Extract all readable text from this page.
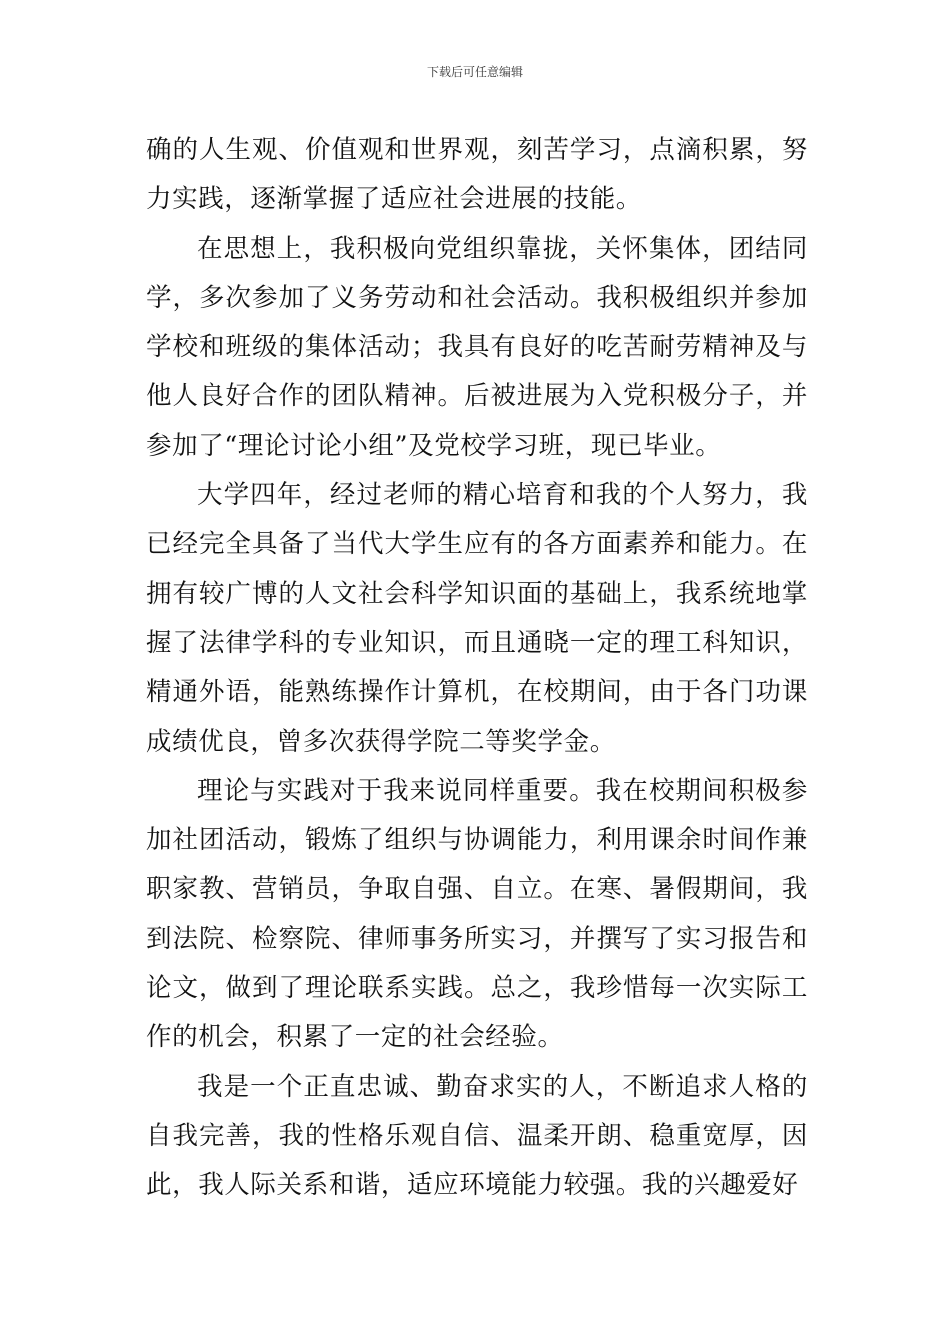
下载后可任意编辑

确的人生观、价值观和世界观，刻苦学习，点滴积累，努力实践，逐渐掌握了适应社会进展的技能。

在思想上，我积极向党组织靠拢，关怀集体，团结同学，多次参加了义务劳动和社会活动。我积极组织并参加学校和班级的集体活动；我具有良好的吃苦耐劳精神及与他人良好合作的团队精神。后被进展为入党积极分子，并参加了“理论讨论小组”及党校学习班，现已毕业。

大学四年，经过老师的精心培育和我的个人努力，我已经完全具备了当代大学生应有的各方面素养和能力。在拥有较广博的人文社会科学知识面的基础上，我系统地掌握了法律学科的专业知识，而且通晓一定的理工科知识，精通外语，能熟练操作计算机，在校期间，由于各门功课成绩优良，曾多次获得学院二等奖学金。

理论与实践对于我来说同样重要。我在校期间积极参加社团活动，锻炼了组织与协调能力，利用课余时间作兼职家教、营销员，争取自强、自立。在寒、暑假期间，我到法院、检察院、律师事务所实习，并撰写了实习报告和论文，做到了理论联系实践。总之，我珍惜每一次实际工作的机会，积累了一定的社会经验。

我是一个正直忠诚、勤奋求实的人，不断追求人格的自我完善，我的性格乐观自信、温柔开朗、稳重宽厚，因此，我人际关系和谐，适应环境能力较强。我的兴趣爱好
